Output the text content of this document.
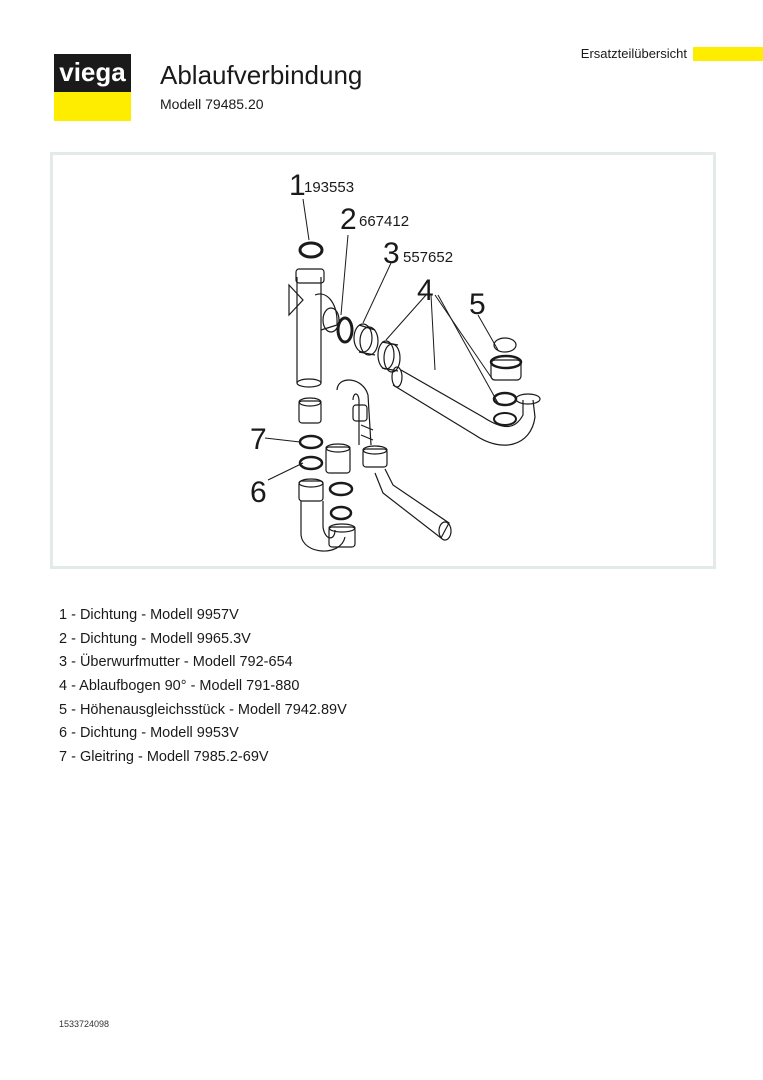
viega Ablaufverbindung
Modell 79485.20
Ersatzteilübersicht
1
193553
2 667412
3 557652
4 5
7
6
1 - Dichtung - Modell 9957V
2 - Dichtung - Modell 9965.3V
3 - Überwurfmutter - Modell 792-654
4 - Ablaufbogen 90° - Modell 791-880
5 - Höhenausgleichsstück - Modell 7942.89V
6 - Dichtung - Modell 9953V
7 - Gleitring - Modell 7985.2-69V
1533724098
